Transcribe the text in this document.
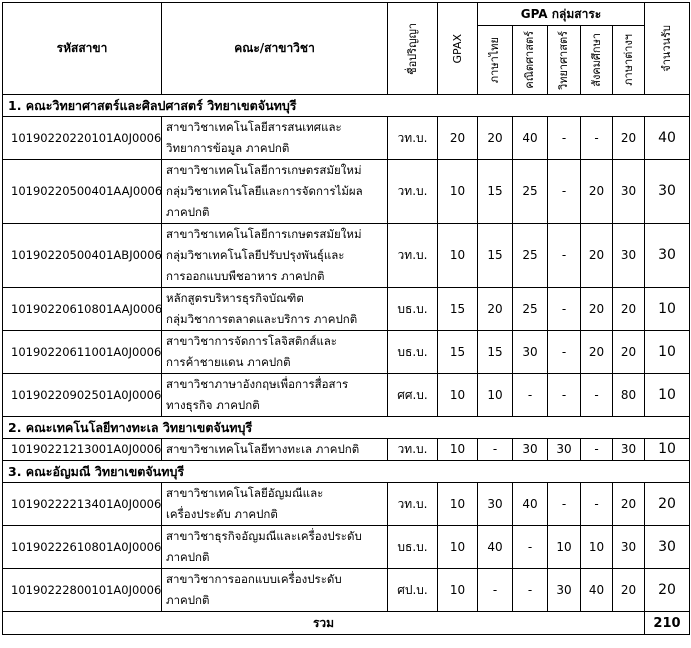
รหัสสาขา	คณะ/สาขาวิชา	ชื่อปริญญา	GPAX	GPA กลุ่มสาระ					จำนวนรับ

				ภาษาไทย	คณิตศาสตร์	วิทยาศาสตร์	สังคมศึกษา	ภาษาต่างฯ	

1. คณะวิทยาศาสตร์และศิลปศาสตร์ วิทยาเขตจันทบุรี									
10190220220101A0J0006	สาขาวิชาเทคโนโลยีสารสนเทศและ
วิทยาการข้อมูล ภาคปกติ	วท.บ.	20	20	40	-	-	20	40
10190220500401AAJ0006	สาขาวิชาเทคโนโลยีการเกษตรสมัยใหม่
กลุ่มวิชาเทคโนโลยีและการจัดการไม้ผล
ภาคปกติ	วท.บ.	10	15	25	-	20	30	30
10190220500401ABJ0006	สาขาวิชาเทคโนโลยีการเกษตรสมัยใหม่
กลุ่มวิชาเทคโนโลยีปรับปรุงพันธุ์และ
การออกแบบพืชอาหาร ภาคปกติ	วท.บ.	10	15	25	-	20	30	30
10190220610801AAJ0006	หลักสูตรบริหารธุรกิจบัณฑิต
กลุ่มวิชาการตลาดและบริการ ภาคปกติ	บธ.บ.	15	20	25	-	20	20	10
10190220611001A0J0006	สาขาวิชาการจัดการโลจิสติกส์และ
การค้าชายแดน ภาคปกติ	บธ.บ.	15	15	30	-	20	20	10
10190220902501A0J0006	สาขาวิชาภาษาอังกฤษเพื่อการสื่อสาร
ทางธุรกิจ ภาคปกติ	ศศ.บ.	10	10	-	-	-	80	10
2. คณะเทคโนโลยีทางทะเล วิทยาเขตจันทบุรี									
10190221213001A0J0006	สาขาวิชาเทคโนโลยีทางทะเล ภาคปกติ	วท.บ.	10	-	30	30	-	30	10
3. คณะอัญมณี วิทยาเขตจันทบุรี									
10190222213401A0J0006	สาขาวิชาเทคโนโลยีอัญมณีและ
เครื่องประดับ ภาคปกติ	วท.บ.	10	30	40	-	-	20	20
10190222610801A0J0006	สาขาวิชาธุรกิจอัญมณีและเครื่องประดับ
ภาคปกติ	บธ.บ.	10	40	-	10	10	30	30
10190222800101A0J0006	สาขาวิชาการออกแบบเครื่องประดับ
ภาคปกติ	ศป.บ.	10	-	-	30	40	20	20
รวม									210
